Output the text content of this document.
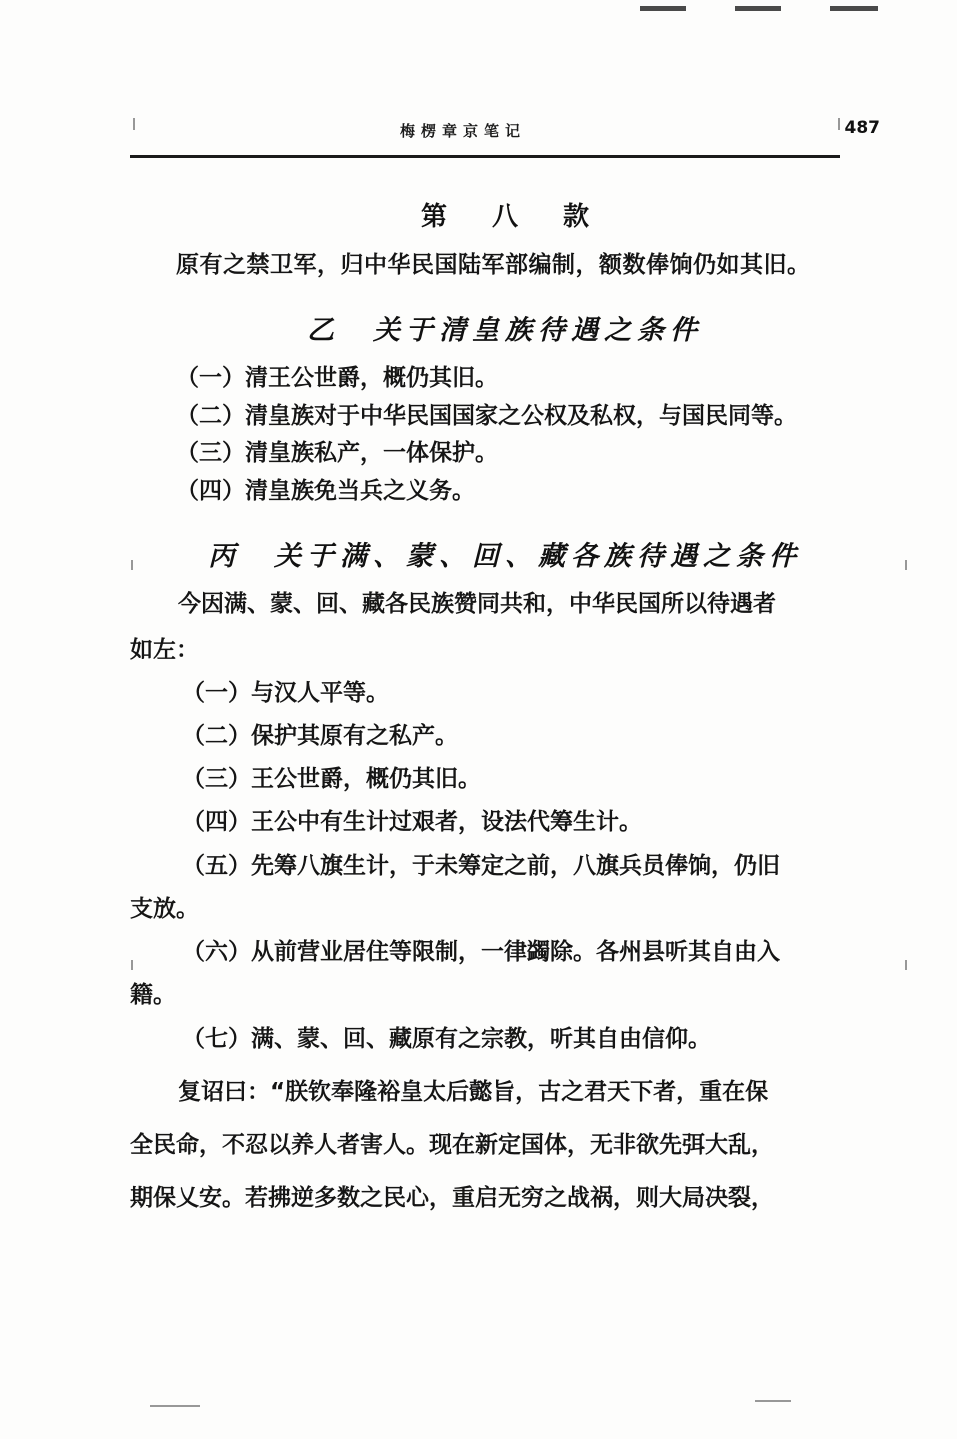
梅楞章京笔记	487
第 八 款

原有之禁卫军，归中华民国陆军部编制，额数俸饷仍如其旧。

乙　关于清皇族待遇之条件
（一）清王公世爵，概仍其旧。
（二）清皇族对于中华民国国家之公权及私权，与国民同等。
（三）清皇族私产，一体保护。
（四）清皇族免当兵之义务。
丙　关于满、蒙、回、藏各族待遇之条件

今因满、蒙、回、藏各民族赞同共和，中华民国所以待遇者

如左：

（一）与汉人平等。
（二）保护其原有之私产。
（三）王公世爵，概仍其旧。
（四）王公中有生计过艰者，设法代筹生计。
（五）先筹八旗生计，于未筹定之前，八旗兵员俸饷，仍旧
支放。
（六）从前营业居住等限制，一律蠲除。各州县听其自由入
籍。
（七）满、蒙、回、藏原有之宗教，听其自由信仰。

复诏曰：“朕钦奉隆裕皇太后懿旨，古之君天下者，重在保

全民命，不忍以养人者害人。现在新定国体，无非欲先弭大乱，

期保乂安。若拂逆多数之民心，重启无穷之战祸，则大局决裂，
